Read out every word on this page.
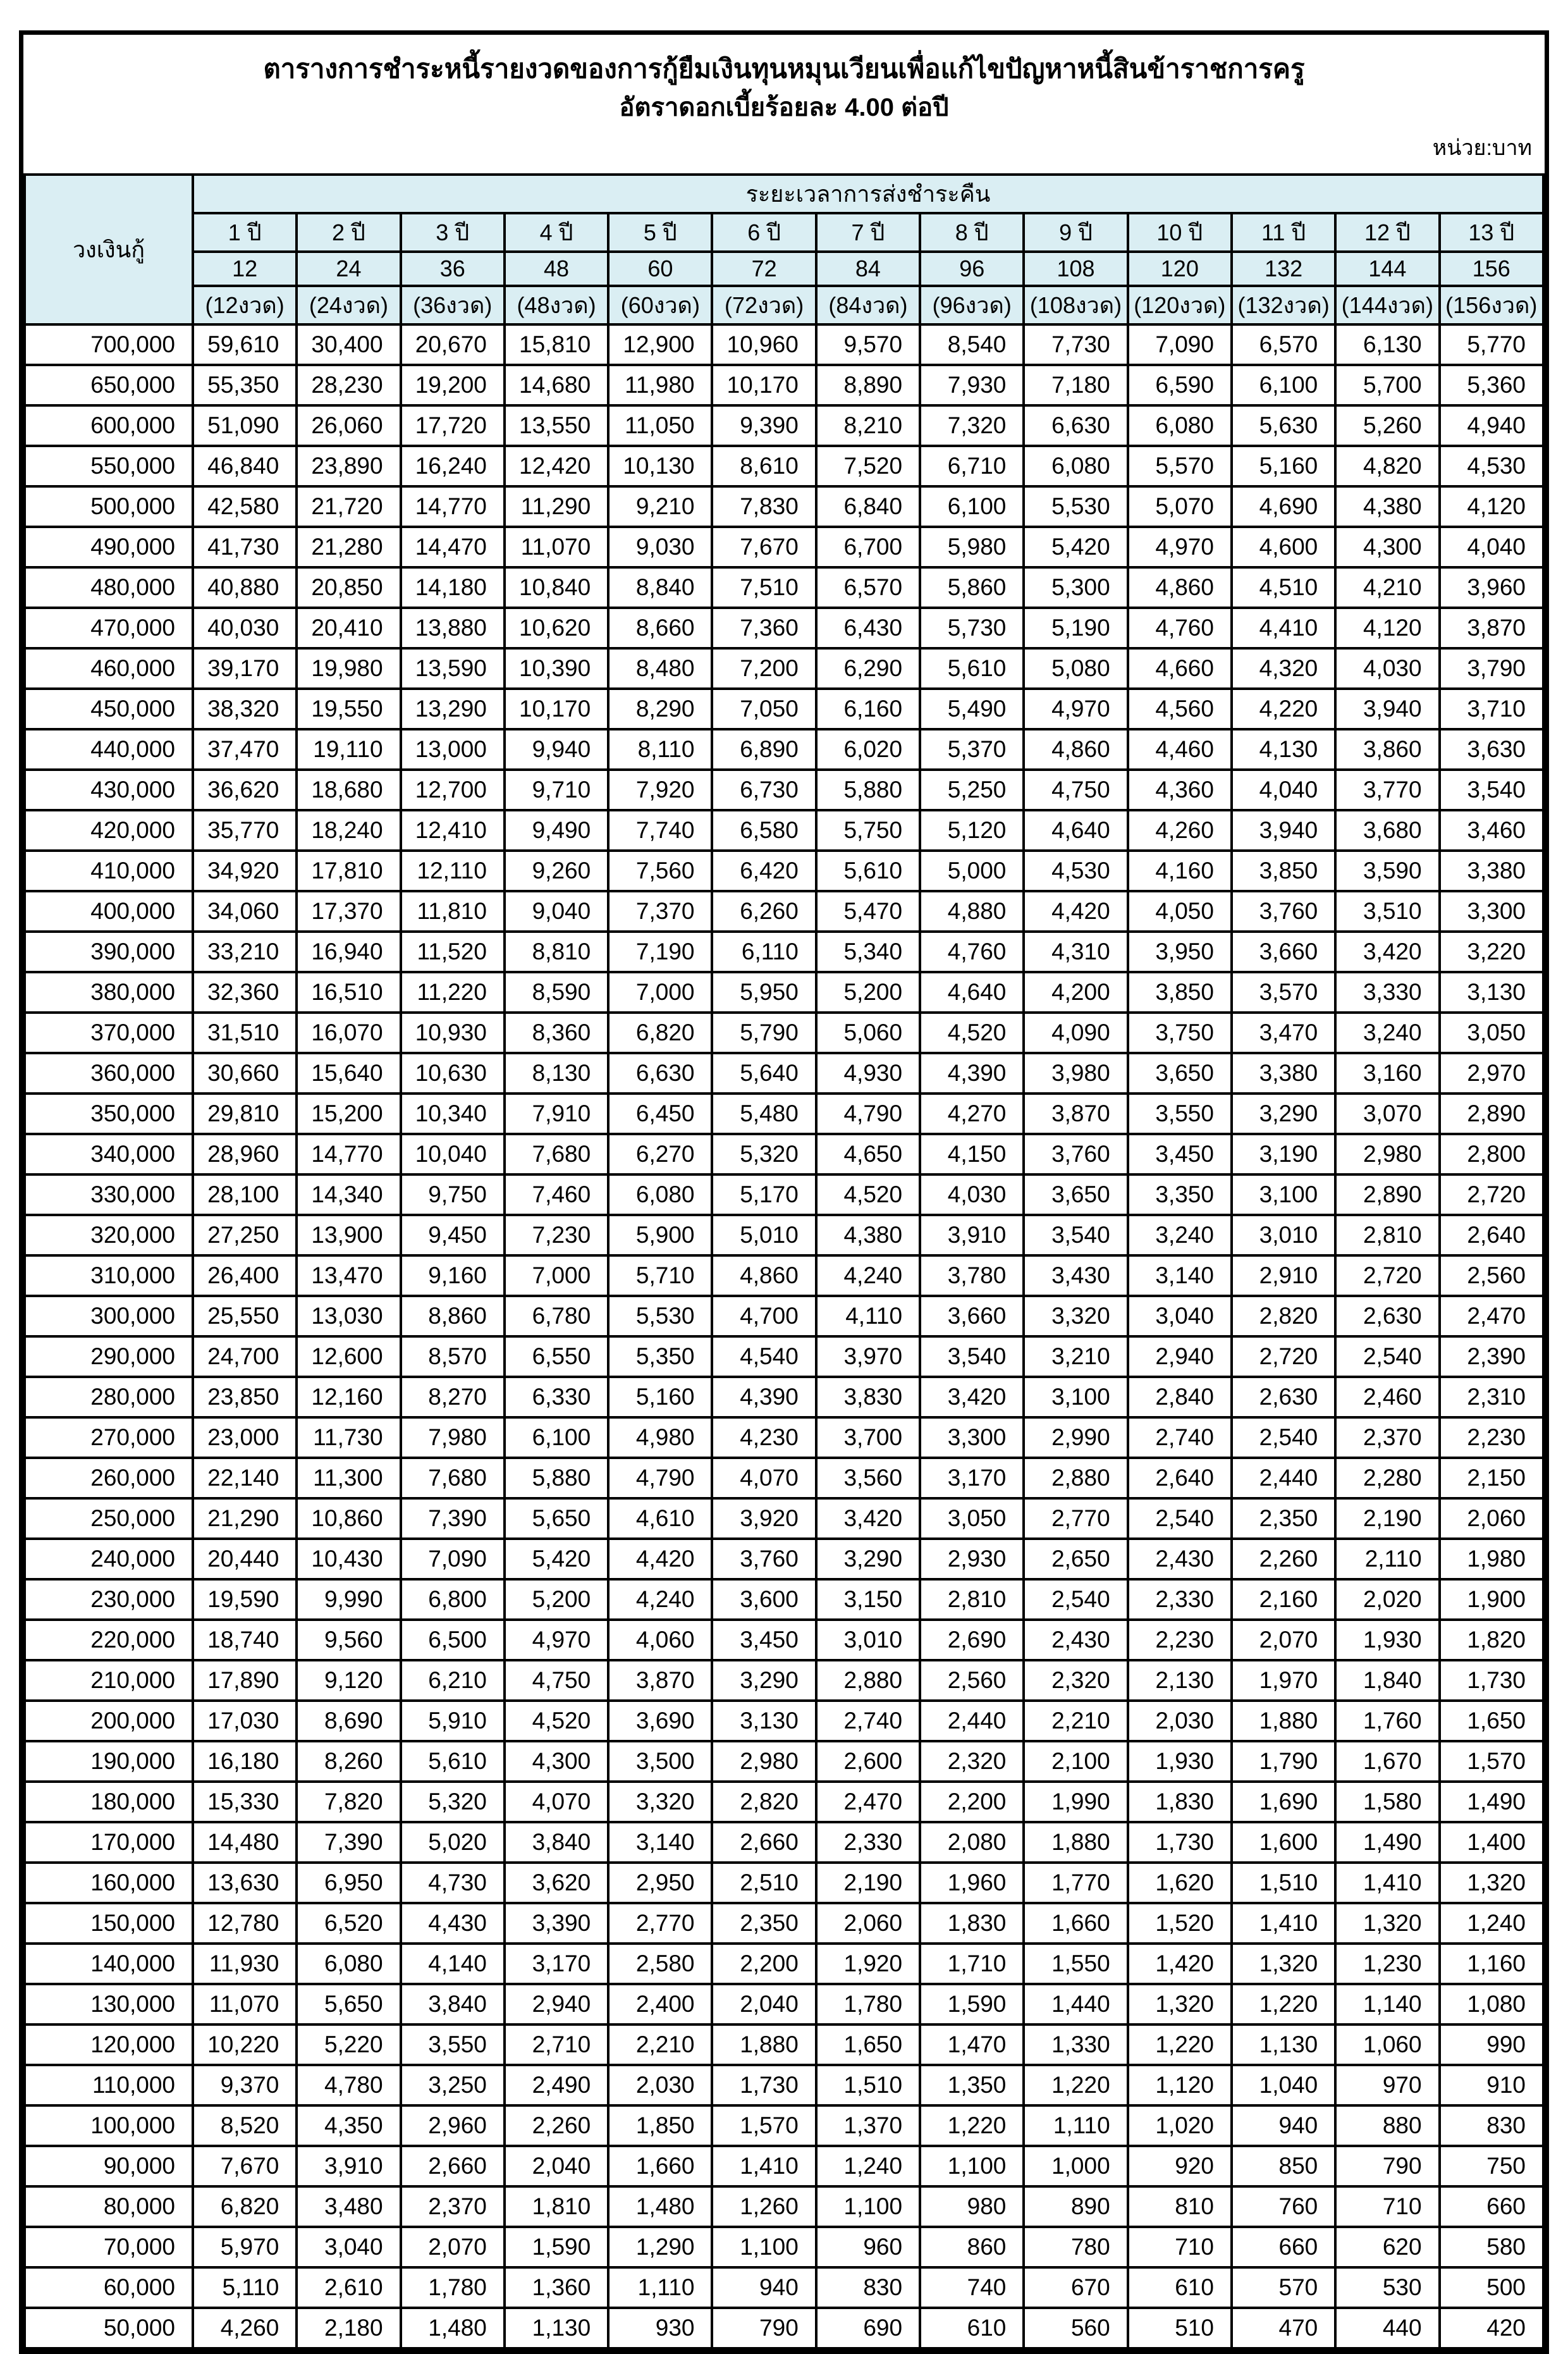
ตารางการชำระหนี้รายงวดของการกู้ยืมเงินทุนหมุนเวียนเพื่อแก้ไขปัญหาหนี้สินข้าราชการครู
อัตราดอกเบี้ยร้อยละ 4.00 ต่อปี
หน่วย:บาท
วงเงินกู้	ระยะเวลาการส่งชำระคืน												
	1 ปี	2 ปี	3 ปี	4 ปี	5 ปี	6 ปี	7 ปี	8 ปี	9 ปี	10 ปี	11 ปี	12 ปี	13 ปี
	12	24	36	48	60	72	84	96	108	120	132	144	156
	(12งวด)	(24งวด)	(36งวด)	(48งวด)	(60งวด)	(72งวด)	(84งวด)	(96งวด)	(108งวด)	(120งวด)	(132งวด)	(144งวด)	(156งวด)
700,000	59,610	30,400	20,670	15,810	12,900	10,960	9,570	8,540	7,730	7,090	6,570	6,130	5,770
650,000	55,350	28,230	19,200	14,680	11,980	10,170	8,890	7,930	7,180	6,590	6,100	5,700	5,360
600,000	51,090	26,060	17,720	13,550	11,050	9,390	8,210	7,320	6,630	6,080	5,630	5,260	4,940
550,000	46,840	23,890	16,240	12,420	10,130	8,610	7,520	6,710	6,080	5,570	5,160	4,820	4,530
500,000	42,580	21,720	14,770	11,290	9,210	7,830	6,840	6,100	5,530	5,070	4,690	4,380	4,120
490,000	41,730	21,280	14,470	11,070	9,030	7,670	6,700	5,980	5,420	4,970	4,600	4,300	4,040
480,000	40,880	20,850	14,180	10,840	8,840	7,510	6,570	5,860	5,300	4,860	4,510	4,210	3,960
470,000	40,030	20,410	13,880	10,620	8,660	7,360	6,430	5,730	5,190	4,760	4,410	4,120	3,870
460,000	39,170	19,980	13,590	10,390	8,480	7,200	6,290	5,610	5,080	4,660	4,320	4,030	3,790
450,000	38,320	19,550	13,290	10,170	8,290	7,050	6,160	5,490	4,970	4,560	4,220	3,940	3,710
440,000	37,470	19,110	13,000	9,940	8,110	6,890	6,020	5,370	4,860	4,460	4,130	3,860	3,630
430,000	36,620	18,680	12,700	9,710	7,920	6,730	5,880	5,250	4,750	4,360	4,040	3,770	3,540
420,000	35,770	18,240	12,410	9,490	7,740	6,580	5,750	5,120	4,640	4,260	3,940	3,680	3,460
410,000	34,920	17,810	12,110	9,260	7,560	6,420	5,610	5,000	4,530	4,160	3,850	3,590	3,380
400,000	34,060	17,370	11,810	9,040	7,370	6,260	5,470	4,880	4,420	4,050	3,760	3,510	3,300
390,000	33,210	16,940	11,520	8,810	7,190	6,110	5,340	4,760	4,310	3,950	3,660	3,420	3,220
380,000	32,360	16,510	11,220	8,590	7,000	5,950	5,200	4,640	4,200	3,850	3,570	3,330	3,130
370,000	31,510	16,070	10,930	8,360	6,820	5,790	5,060	4,520	4,090	3,750	3,470	3,240	3,050
360,000	30,660	15,640	10,630	8,130	6,630	5,640	4,930	4,390	3,980	3,650	3,380	3,160	2,970
350,000	29,810	15,200	10,340	7,910	6,450	5,480	4,790	4,270	3,870	3,550	3,290	3,070	2,890
340,000	28,960	14,770	10,040	7,680	6,270	5,320	4,650	4,150	3,760	3,450	3,190	2,980	2,800
330,000	28,100	14,340	9,750	7,460	6,080	5,170	4,520	4,030	3,650	3,350	3,100	2,890	2,720
320,000	27,250	13,900	9,450	7,230	5,900	5,010	4,380	3,910	3,540	3,240	3,010	2,810	2,640
310,000	26,400	13,470	9,160	7,000	5,710	4,860	4,240	3,780	3,430	3,140	2,910	2,720	2,560
300,000	25,550	13,030	8,860	6,780	5,530	4,700	4,110	3,660	3,320	3,040	2,820	2,630	2,470
290,000	24,700	12,600	8,570	6,550	5,350	4,540	3,970	3,540	3,210	2,940	2,720	2,540	2,390
280,000	23,850	12,160	8,270	6,330	5,160	4,390	3,830	3,420	3,100	2,840	2,630	2,460	2,310
270,000	23,000	11,730	7,980	6,100	4,980	4,230	3,700	3,300	2,990	2,740	2,540	2,370	2,230
260,000	22,140	11,300	7,680	5,880	4,790	4,070	3,560	3,170	2,880	2,640	2,440	2,280	2,150
250,000	21,290	10,860	7,390	5,650	4,610	3,920	3,420	3,050	2,770	2,540	2,350	2,190	2,060
240,000	20,440	10,430	7,090	5,420	4,420	3,760	3,290	2,930	2,650	2,430	2,260	2,110	1,980
230,000	19,590	9,990	6,800	5,200	4,240	3,600	3,150	2,810	2,540	2,330	2,160	2,020	1,900
220,000	18,740	9,560	6,500	4,970	4,060	3,450	3,010	2,690	2,430	2,230	2,070	1,930	1,820
210,000	17,890	9,120	6,210	4,750	3,870	3,290	2,880	2,560	2,320	2,130	1,970	1,840	1,730
200,000	17,030	8,690	5,910	4,520	3,690	3,130	2,740	2,440	2,210	2,030	1,880	1,760	1,650
190,000	16,180	8,260	5,610	4,300	3,500	2,980	2,600	2,320	2,100	1,930	1,790	1,670	1,570
180,000	15,330	7,820	5,320	4,070	3,320	2,820	2,470	2,200	1,990	1,830	1,690	1,580	1,490
170,000	14,480	7,390	5,020	3,840	3,140	2,660	2,330	2,080	1,880	1,730	1,600	1,490	1,400
160,000	13,630	6,950	4,730	3,620	2,950	2,510	2,190	1,960	1,770	1,620	1,510	1,410	1,320
150,000	12,780	6,520	4,430	3,390	2,770	2,350	2,060	1,830	1,660	1,520	1,410	1,320	1,240
140,000	11,930	6,080	4,140	3,170	2,580	2,200	1,920	1,710	1,550	1,420	1,320	1,230	1,160
130,000	11,070	5,650	3,840	2,940	2,400	2,040	1,780	1,590	1,440	1,320	1,220	1,140	1,080
120,000	10,220	5,220	3,550	2,710	2,210	1,880	1,650	1,470	1,330	1,220	1,130	1,060	990
110,000	9,370	4,780	3,250	2,490	2,030	1,730	1,510	1,350	1,220	1,120	1,040	970	910
100,000	8,520	4,350	2,960	2,260	1,850	1,570	1,370	1,220	1,110	1,020	940	880	830
90,000	7,670	3,910	2,660	2,040	1,660	1,410	1,240	1,100	1,000	920	850	790	750
80,000	6,820	3,480	2,370	1,810	1,480	1,260	1,100	980	890	810	760	710	660
70,000	5,970	3,040	2,070	1,590	1,290	1,100	960	860	780	710	660	620	580
60,000	5,110	2,610	1,780	1,360	1,110	940	830	740	670	610	570	530	500
50,000	4,260	2,180	1,480	1,130	930	790	690	610	560	510	470	440	420
